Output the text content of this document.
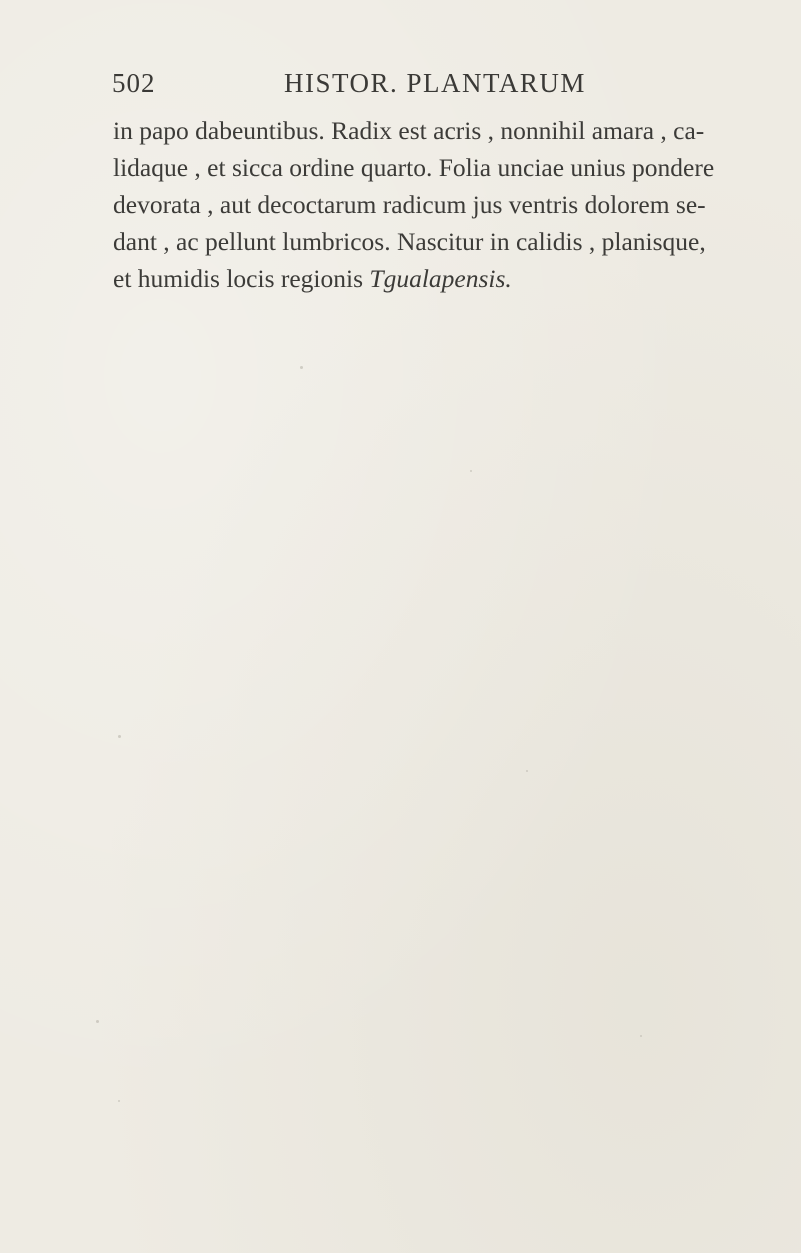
502	HISTOR. PLANTARUM
in papo dabeuntibus. Radix est acris , nonnihil amara , ca-
lidaque , et sicca ordine quarto. Folia unciae unius pondere
devorata , aut decoctarum radicum jus ventris dolorem se-
dant , ac pellunt lumbricos. Nascitur in calidis , planisque,
et humidis locis regionis Tgualapensis.
